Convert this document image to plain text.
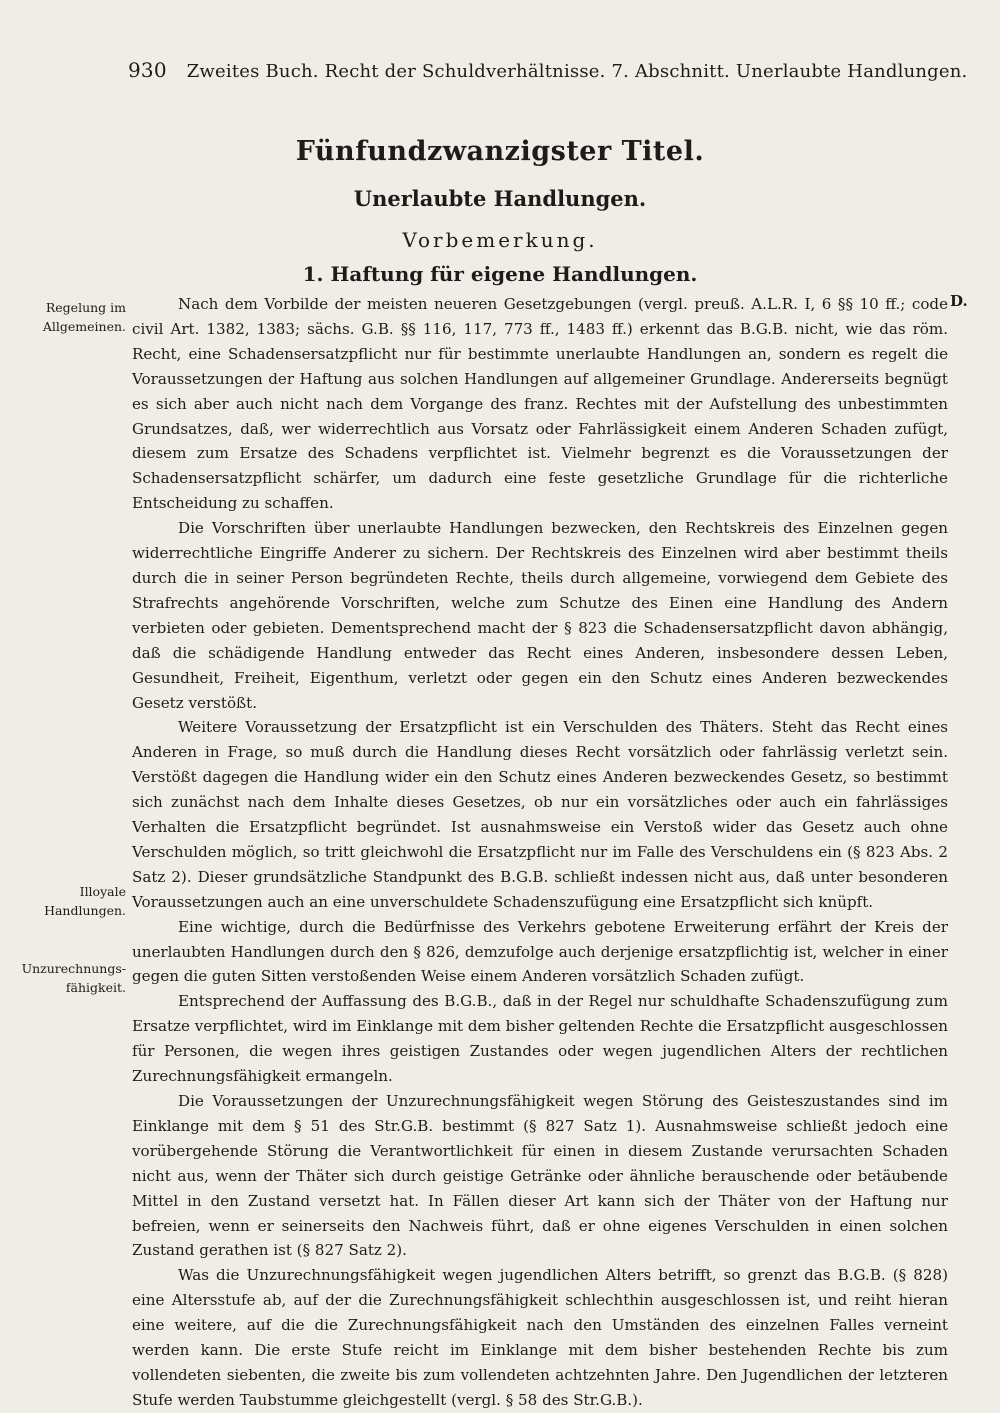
930 Zweites Buch. Recht der Schuldverhältnisse. 7. Abschnitt. Unerlaubte Handlungen.
Fünfundzwanzigster Titel.
Unerlaubte Handlungen.
Vorbemerkung.
1. Haftung für eigene Handlungen.
Regelung im Allgemeinen.
Illoyale Handlungen.
Unzurechnungs-fähigkeit.
D.

Nach dem Vorbilde der meisten neueren Gesetzgebungen (vergl. preuß. A.L.R. I, 6 §§ 10 ff.; code civil Art. 1382, 1383; sächs. G.B. §§ 116, 117, 773 ff., 1483 ff.) erkennt das B.G.B. nicht, wie das röm. Recht, eine Schadensersatzpflicht nur für bestimmte unerlaubte Handlungen an, sondern es regelt die Voraussetzungen der Haftung aus solchen Handlungen auf allgemeiner Grundlage. Andererseits begnügt es sich aber auch nicht nach dem Vorgange des franz. Rechtes mit der Aufstellung des unbestimmten Grundsatzes, daß, wer widerrechtlich aus Vorsatz oder Fahrlässigkeit einem Anderen Schaden zufügt, diesem zum Ersatze des Schadens verpflichtet ist. Vielmehr begrenzt es die Voraussetzungen der Schadensersatzpflicht schärfer, um dadurch eine feste gesetzliche Grundlage für die richterliche Entscheidung zu schaffen.

Die Vorschriften über unerlaubte Handlungen bezwecken, den Rechtskreis des Einzelnen gegen widerrechtliche Eingriffe Anderer zu sichern. Der Rechtskreis des Einzelnen wird aber bestimmt theils durch die in seiner Person begründeten Rechte, theils durch allgemeine, vorwiegend dem Gebiete des Strafrechts angehörende Vorschriften, welche zum Schutze des Einen eine Handlung des Andern verbieten oder gebieten. Dementsprechend macht der § 823 die Schadensersatzpflicht davon abhängig, daß die schädigende Handlung entweder das Recht eines Anderen, insbesondere dessen Leben, Gesundheit, Freiheit, Eigenthum, verletzt oder gegen ein den Schutz eines Anderen bezweckendes Gesetz verstößt.

Weitere Voraussetzung der Ersatzpflicht ist ein Verschulden des Thäters. Steht das Recht eines Anderen in Frage, so muß durch die Handlung dieses Recht vorsätzlich oder fahrlässig verletzt sein. Verstößt dagegen die Handlung wider ein den Schutz eines Anderen bezweckendes Gesetz, so bestimmt sich zunächst nach dem Inhalte dieses Gesetzes, ob nur ein vorsätzliches oder auch ein fahrlässiges Verhalten die Ersatzpflicht begründet. Ist ausnahmsweise ein Verstoß wider das Gesetz auch ohne Verschulden möglich, so tritt gleichwohl die Ersatzpflicht nur im Falle des Verschuldens ein (§ 823 Abs. 2 Satz 2). Dieser grundsätzliche Standpunkt des B.G.B. schließt indessen nicht aus, daß unter besonderen Voraussetzungen auch an eine unverschuldete Schadenszufügung eine Ersatzpflicht sich knüpft.

Eine wichtige, durch die Bedürfnisse des Verkehrs gebotene Erweiterung erfährt der Kreis der unerlaubten Handlungen durch den § 826, demzufolge auch derjenige ersatzpflichtig ist, welcher in einer gegen die guten Sitten verstoßenden Weise einem Anderen vorsätzlich Schaden zufügt.

Entsprechend der Auffassung des B.G.B., daß in der Regel nur schuldhafte Schadenszufügung zum Ersatze verpflichtet, wird im Einklange mit dem bisher geltenden Rechte die Ersatzpflicht ausgeschlossen für Personen, die wegen ihres geistigen Zustandes oder wegen jugendlichen Alters der rechtlichen Zurechnungsfähigkeit ermangeln.

Die Voraussetzungen der Unzurechnungsfähigkeit wegen Störung des Geisteszustandes sind im Einklange mit dem § 51 des Str.G.B. bestimmt (§ 827 Satz 1). Ausnahmsweise schließt jedoch eine vorübergehende Störung die Verantwortlichkeit für einen in diesem Zustande verursachten Schaden nicht aus, wenn der Thäter sich durch geistige Getränke oder ähnliche berauschende oder betäubende Mittel in den Zustand versetzt hat. In Fällen dieser Art kann sich der Thäter von der Haftung nur befreien, wenn er seinerseits den Nachweis führt, daß er ohne eigenes Verschulden in einen solchen Zustand gerathen ist (§ 827 Satz 2).

Was die Unzurechnungsfähigkeit wegen jugendlichen Alters betrifft, so grenzt das B.G.B. (§ 828) eine Altersstufe ab, auf der die Zurechnungsfähigkeit schlechthin ausgeschlossen ist, und reiht hieran eine weitere, auf die die Zurechnungsfähigkeit nach den Umständen des einzelnen Falles verneint werden kann. Die erste Stufe reicht im Einklange mit dem bisher bestehenden Rechte bis zum vollendeten siebenten, die zweite bis zum vollendeten achtzehnten Jahre. Den Jugendlichen der letzteren Stufe werden Taubstumme gleichgestellt (vergl. § 58 des Str.G.B.).
